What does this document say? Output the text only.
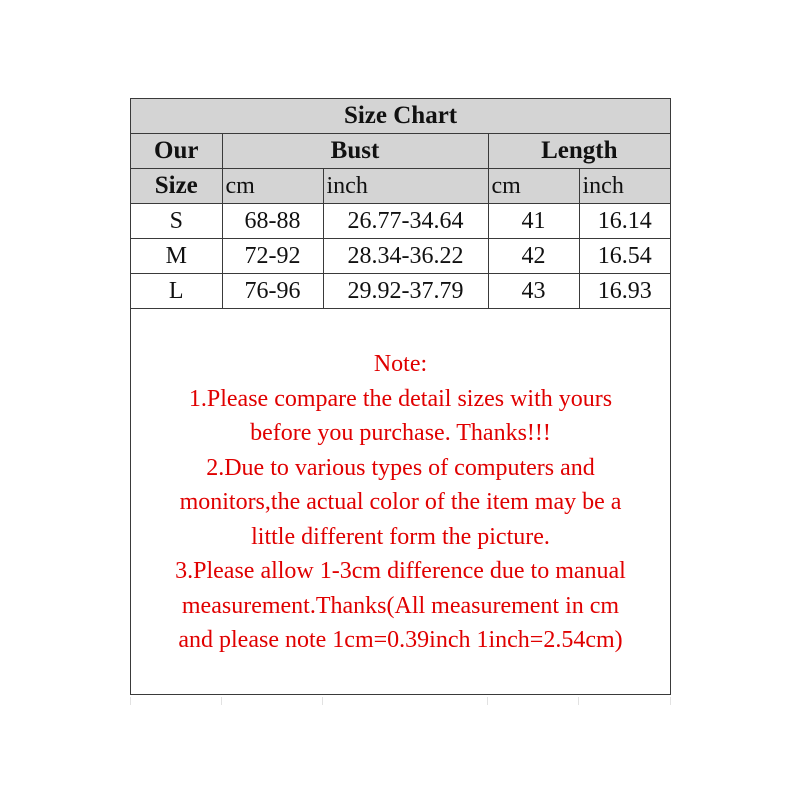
Size Chart				
Our	Bust		Length	
Size	cm	inch	cm	inch
S	68-88	26.77-34.64	41	16.14
M	72-92	28.34-36.22	42	16.54
L	76-96	29.92-37.79	43	16.93
Note:
1.Please compare the detail sizes with yours
before you purchase. Thanks!!!
2.Due to various types of computers and
monitors,the actual color of the item may be a
little different form the picture.
3.Please allow 1-3cm difference due to manual
measurement.Thanks(All measurement in cm
and please note 1cm=0.39inch 1inch=2.54cm)
